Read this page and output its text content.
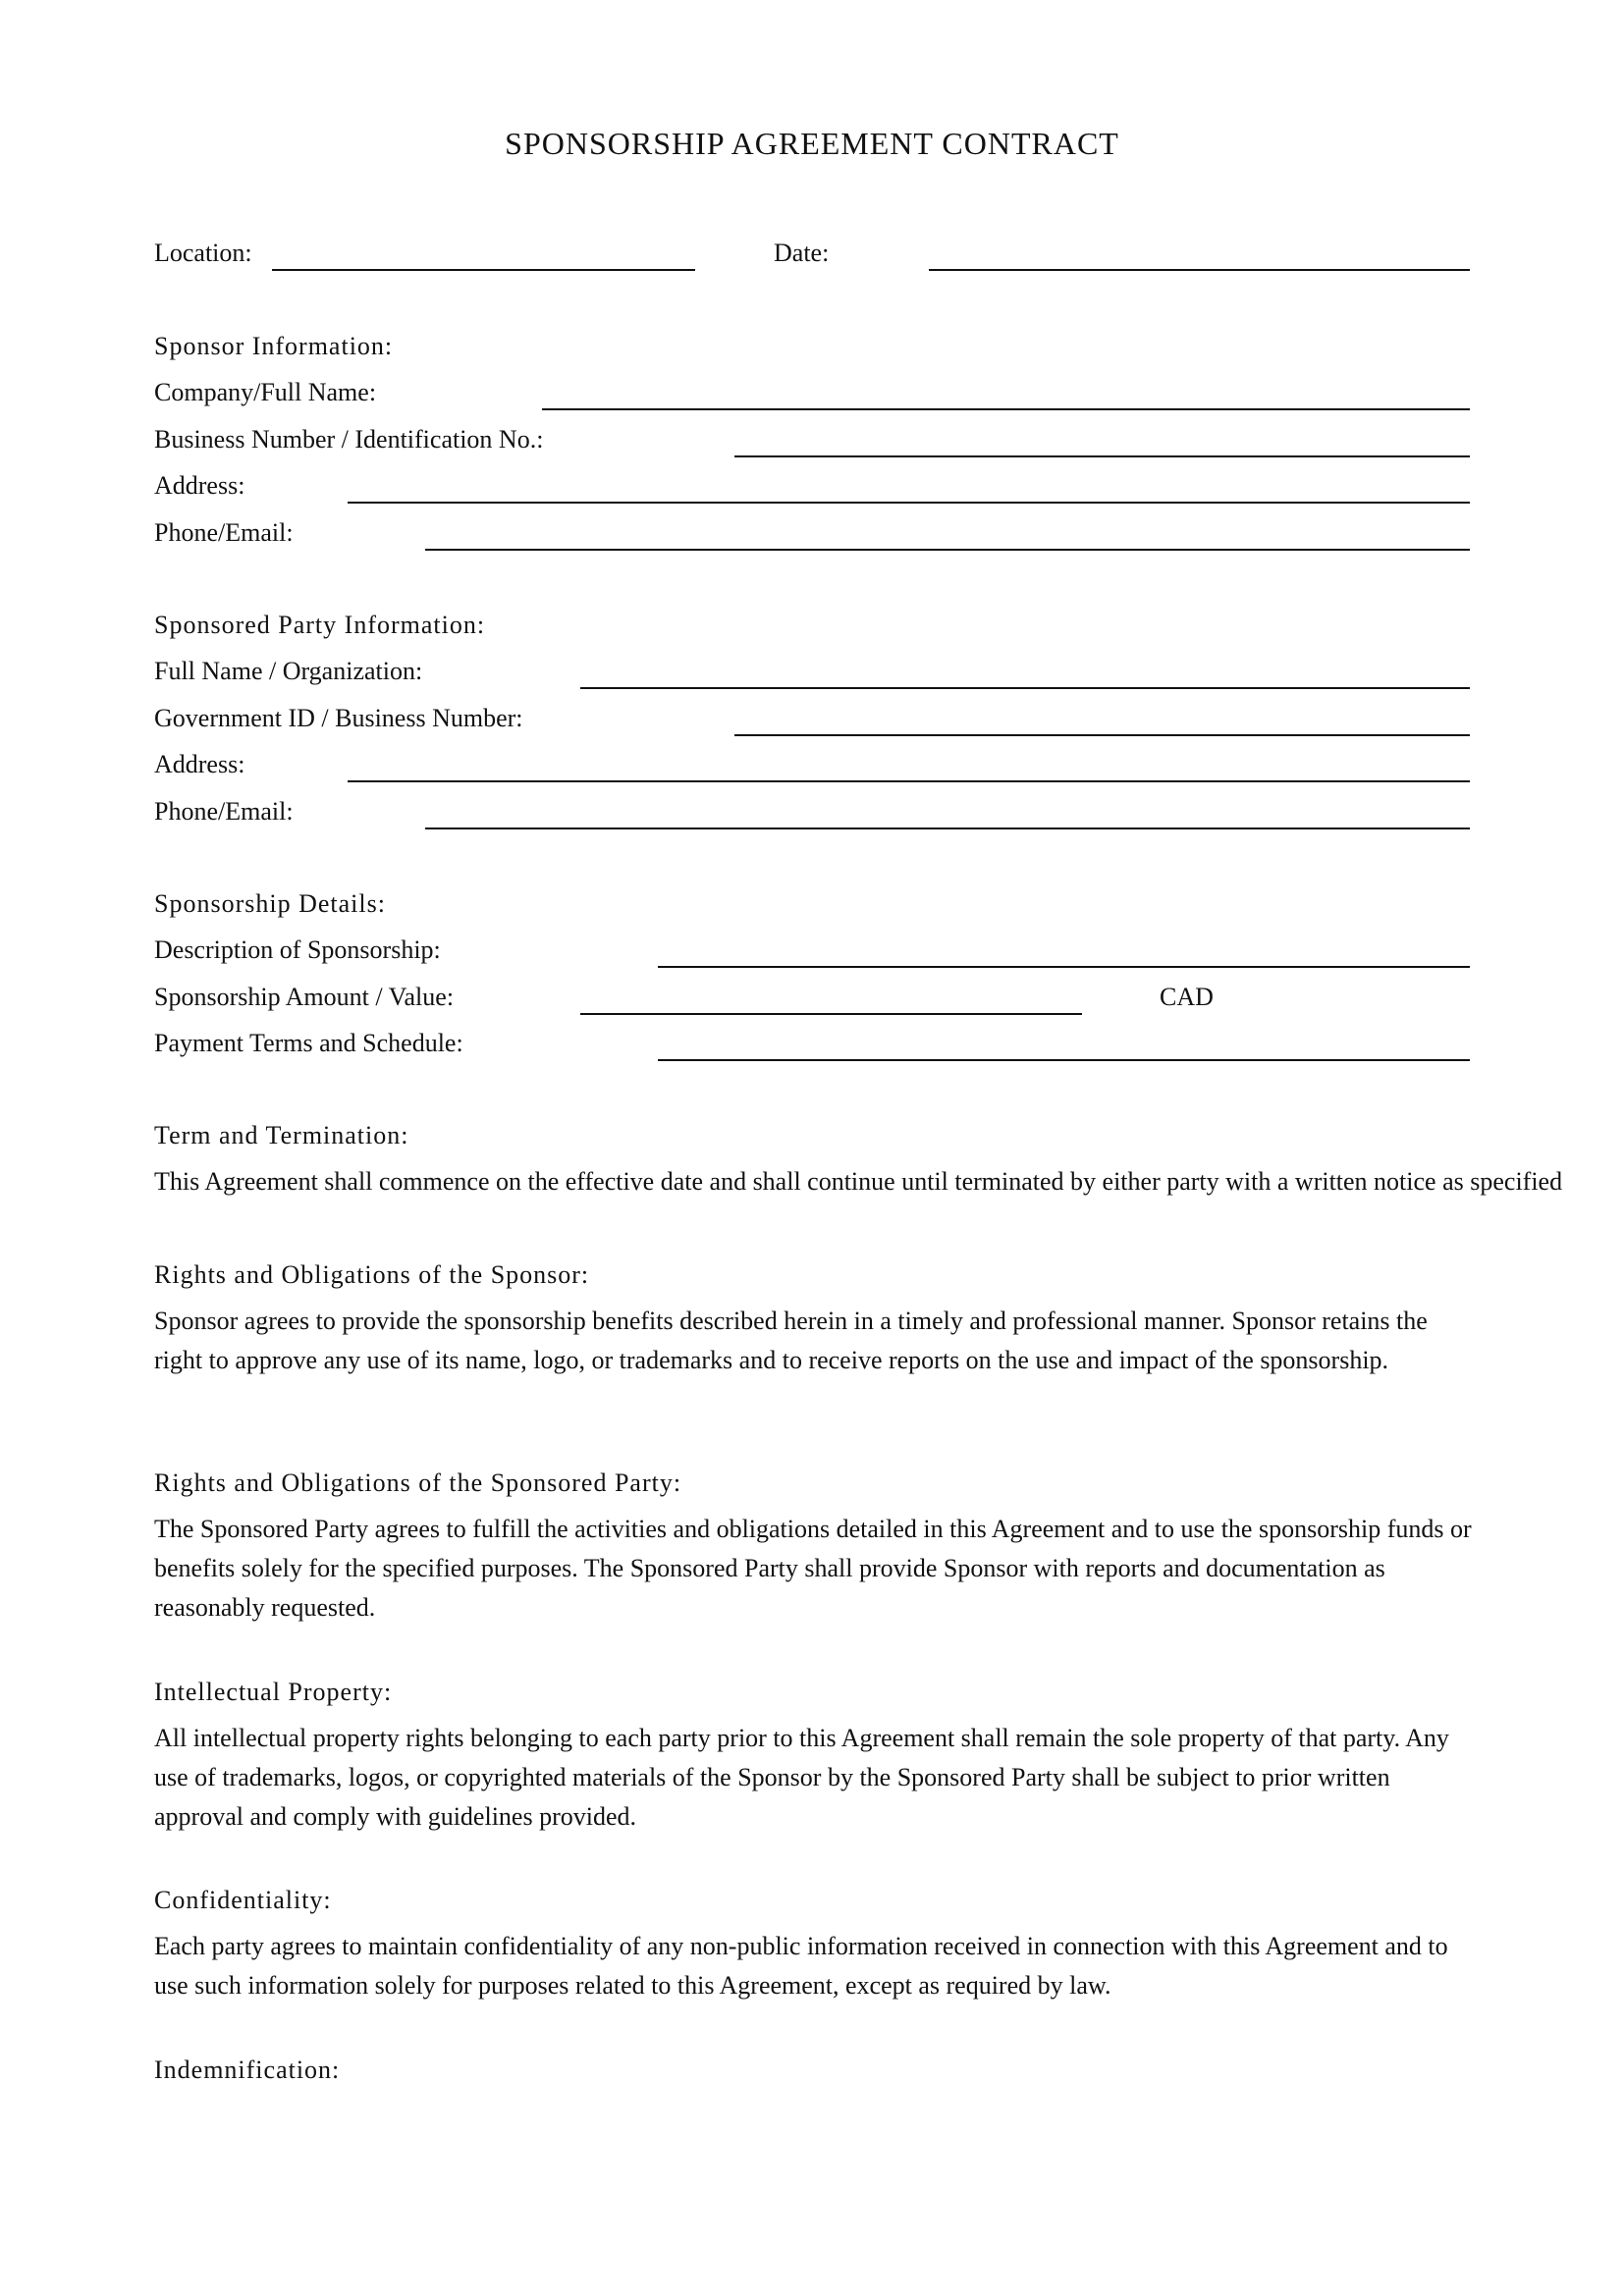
SPONSORSHIP AGREEMENT CONTRACT
Location:	Date:
Sponsor Information:
Company/Full Name:
Business Number / Identification No.:
Address:
Phone/Email:
Sponsored Party Information:
Full Name / Organization:
Government ID / Business Number:
Address:
Phone/Email:
Sponsorship Details:
Description of Sponsorship:
Sponsorship Amount / Value:	CAD
Payment Terms and Schedule:
Term and Termination:
This Agreement shall commence on the effective date and shall continue until terminated by either party with a written notice as specified
Rights and Obligations of the Sponsor:
Sponsor agrees to provide the sponsorship benefits described herein in a timely and professional manner. Sponsor retains the right to approve any use of its name, logo, or trademarks and to receive reports on the use and impact of the sponsorship.
Rights and Obligations of the Sponsored Party:
The Sponsored Party agrees to fulfill the activities and obligations detailed in this Agreement and to use the sponsorship funds or benefits solely for the specified purposes. The Sponsored Party shall provide Sponsor with reports and documentation as reasonably requested.
Intellectual Property:
All intellectual property rights belonging to each party prior to this Agreement shall remain the sole property of that party. Any use of trademarks, logos, or copyrighted materials of the Sponsor by the Sponsored Party shall be subject to prior written approval and comply with guidelines provided.
Confidentiality:
Each party agrees to maintain confidentiality of any non-public information received in connection with this Agreement and to use such information solely for purposes related to this Agreement, except as required by law.
Indemnification:
